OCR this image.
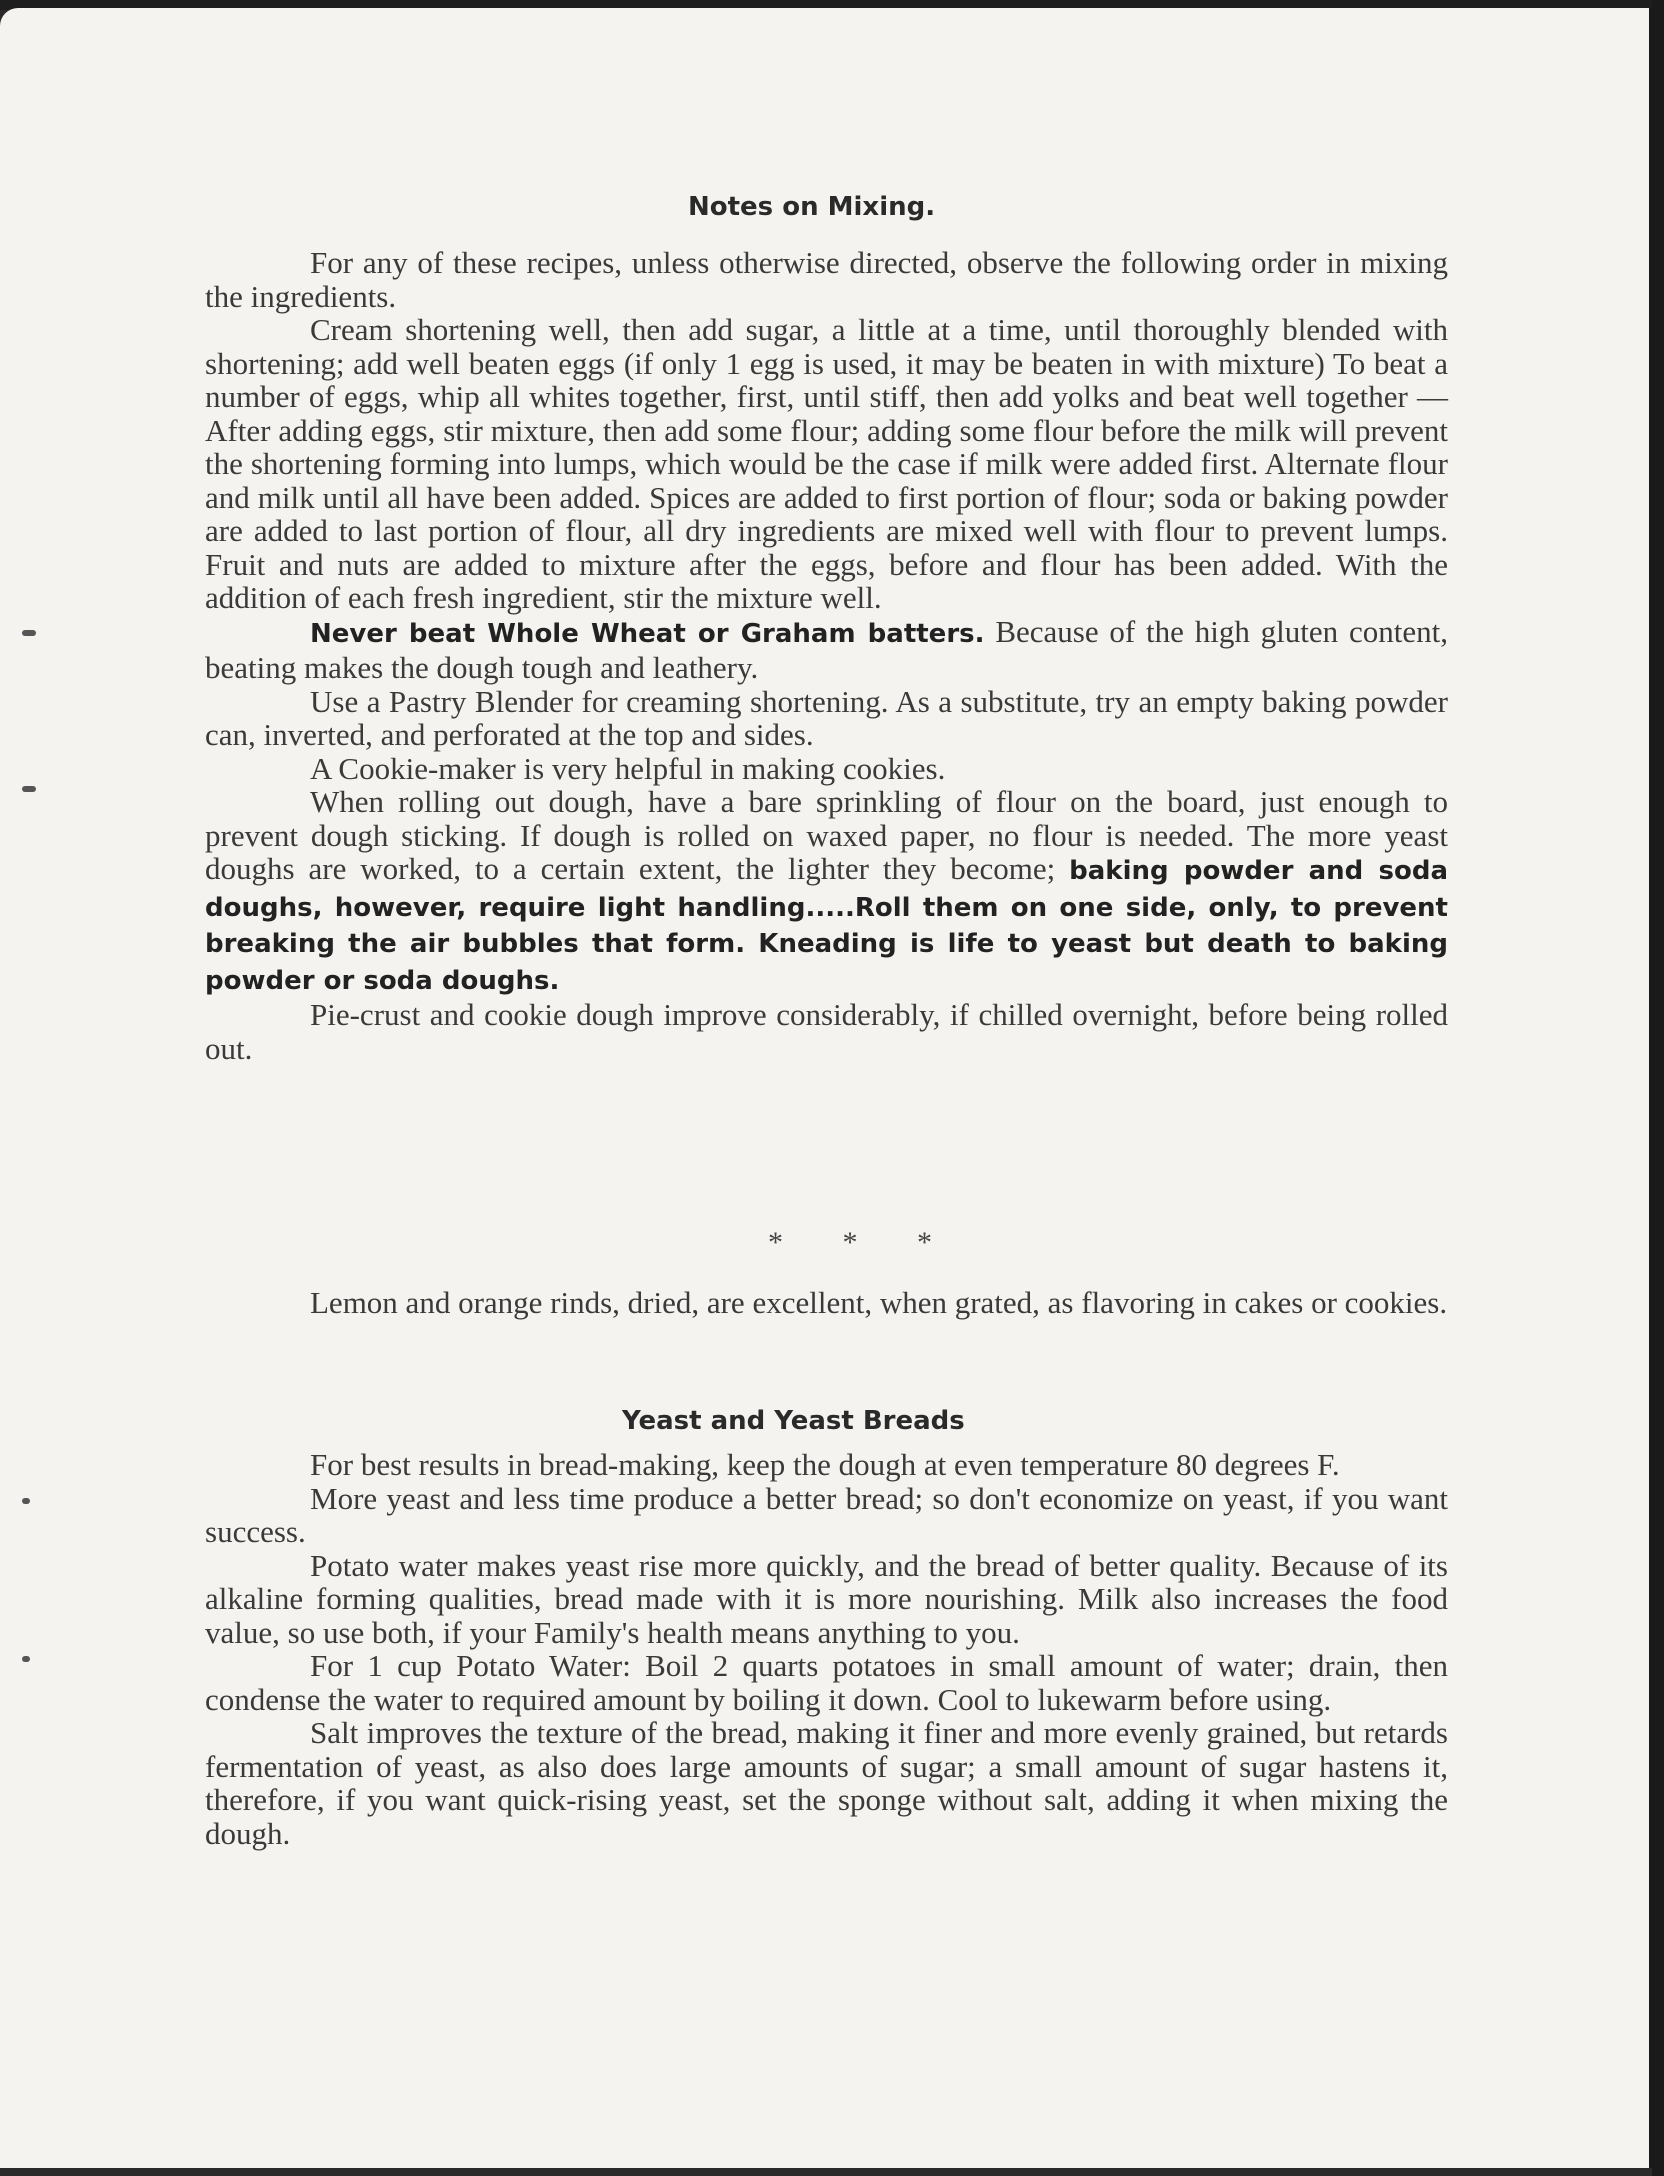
Notes on Mixing.

For any of these recipes, unless otherwise directed, observe the following order in mixing the ingredients.

Cream shortening well, then add sugar, a little at a time, until thoroughly blended with shortening; add well beaten eggs (if only 1 egg is used, it may be beaten in with mixture) To beat a number of eggs, whip all whites together, first, until stiff, then add yolks and beat well together — After adding eggs, stir mixture, then add some flour; adding some flour before the milk will prevent the shortening forming into lumps, which would be the case if milk were added first. Alternate flour and milk until all have been added. Spices are added to first portion of flour; soda or baking powder are added to last portion of flour, all dry ingredients are mixed well with flour to prevent lumps. Fruit and nuts are added to mixture after the eggs, before and flour has been added. With the addition of each fresh ingredient, stir the mixture well.

Never beat Whole Wheat or Graham batters. Because of the high gluten content, beating makes the dough tough and leathery.

Use a Pastry Blender for creaming shortening. As a substitute, try an empty baking powder can, inverted, and perforated at the top and sides.

A Cookie-maker is very helpful in making cookies.

When rolling out dough, have a bare sprinkling of flour on the board, just enough to prevent dough sticking. If dough is rolled on waxed paper, no flour is needed. The more yeast doughs are worked, to a certain extent, the lighter they become; baking powder and soda doughs, however, require light handling.....Roll them on one side, only, to prevent breaking the air bubbles that form. Kneading is life to yeast but death to baking powder or soda doughs.

Pie-crust and cookie dough improve considerably, if chilled overnight, before being rolled out.

* * *

Lemon and orange rinds, dried, are excellent, when grated, as flavoring in cakes or cookies.

Yeast and Yeast Breads

For best results in bread-making, keep the dough at even temperature 80 degrees F.

More yeast and less time produce a better bread; so don't economize on yeast, if you want success.

Potato water makes yeast rise more quickly, and the bread of better quality. Because of its alkaline forming qualities, bread made with it is more nourishing. Milk also increases the food value, so use both, if your Family's health means anything to you.

For 1 cup Potato Water: Boil 2 quarts potatoes in small amount of water; drain, then condense the water to required amount by boiling it down. Cool to lukewarm before using.

Salt improves the texture of the bread, making it finer and more evenly grained, but retards fermentation of yeast, as also does large amounts of sugar; a small amount of sugar hastens it, therefore, if you want quick-rising yeast, set the sponge without salt, adding it when mixing the dough.
